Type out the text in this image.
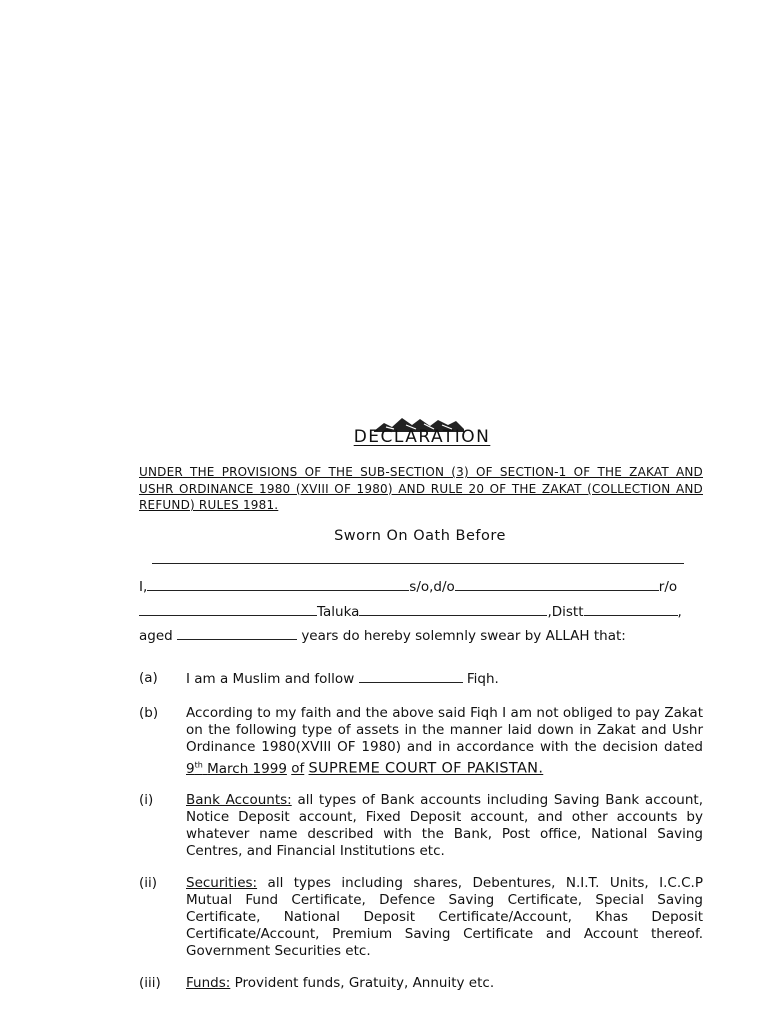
DECLARATION
UNDER THE PROVISIONS OF THE SUB-SECTION (3) OF SECTION-1 OF THE ZAKAT AND USHR ORDINANCE 1980 (XVIII OF 1980) AND RULE 20 OF THE ZAKAT (COLLECTION AND REFUND) RULES 1981.
Sworn On Oath Before
I,	s/o,d/o	r/o
Taluka	,Distt	,
aged	years do hereby solemnly swear by ALLAH that:
(a)	I am a Muslim and follow	Fiqh.
(b)	According to my faith and the above said Fiqh I am not obliged to pay Zakat on the following type of assets in the manner laid down in Zakat and Ushr Ordinance 1980(XVIII OF 1980) and in accordance with the decision dated 9th March 1999 of SUPREME COURT OF PAKISTAN.
(i)	Bank Accounts: all types of Bank accounts including Saving Bank account, Notice Deposit account, Fixed Deposit account, and other accounts by whatever name described with the Bank, Post office, National Saving Centres, and Financial Institutions etc.
(ii)	Securities: all types including shares, Debentures, N.I.T. Units, I.C.C.P Mutual Fund Certificate, Defence Saving Certificate, Special Saving Certificate, National Deposit Certificate/Account, Khas Deposit Certificate/Account, Premium Saving Certificate and Account thereof. Government Securities etc.
(iii)	Funds: Provident funds, Gratuity, Annuity etc.
